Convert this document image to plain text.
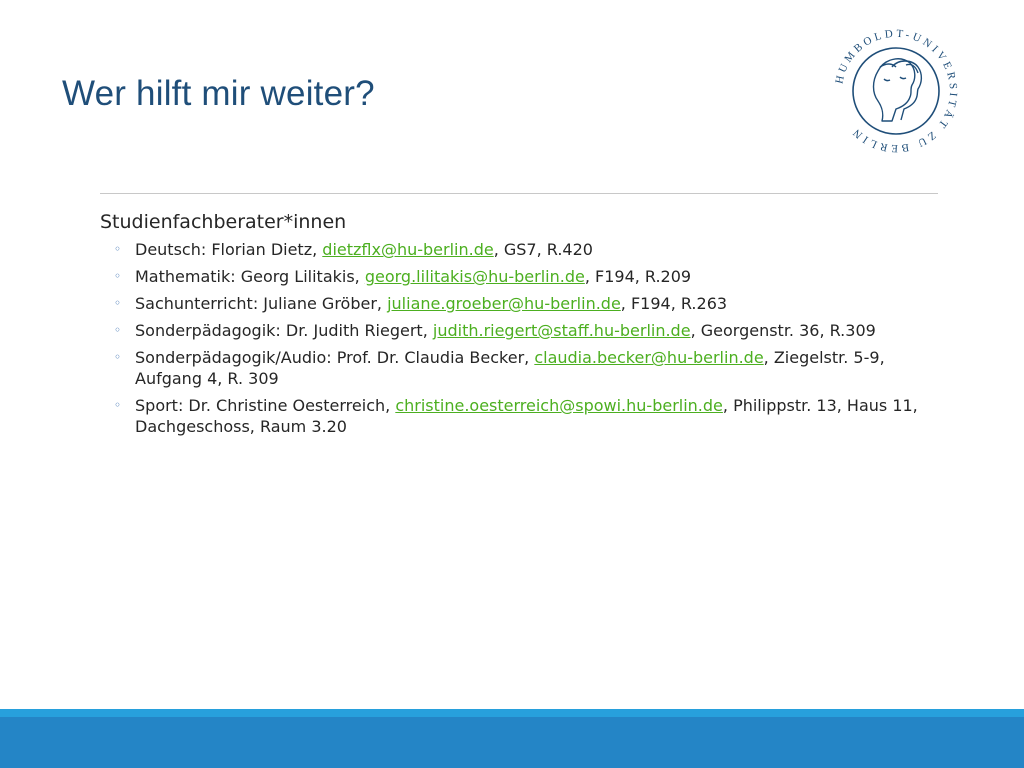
Wer hilft mir weiter?	HUMBOLDT-UNIVERSITÄT ZU BERLIN
Studienfachberater*innen
◦ Deutsch: Florian Dietz, dietzflx@hu-berlin.de, GS7, R.420
◦ Mathematik: Georg Lilitakis, georg.lilitakis@hu-berlin.de, F194, R.209
◦ Sachunterricht: Juliane Gröber, juliane.groeber@hu-berlin.de, F194, R.263
◦ Sonderpädagogik: Dr. Judith Riegert, judith.riegert@staff.hu-berlin.de, Georgenstr. 36, R.309
◦ Sonderpädagogik/Audio: Prof. Dr. Claudia Becker, claudia.becker@hu-berlin.de, Ziegelstr. 5-9, Aufgang 4, R. 309
◦ Sport: Dr. Christine Oesterreich, christine.oesterreich@spowi.hu-berlin.de, Philippstr. 13, Haus 11, Dachgeschoss, Raum 3.20
